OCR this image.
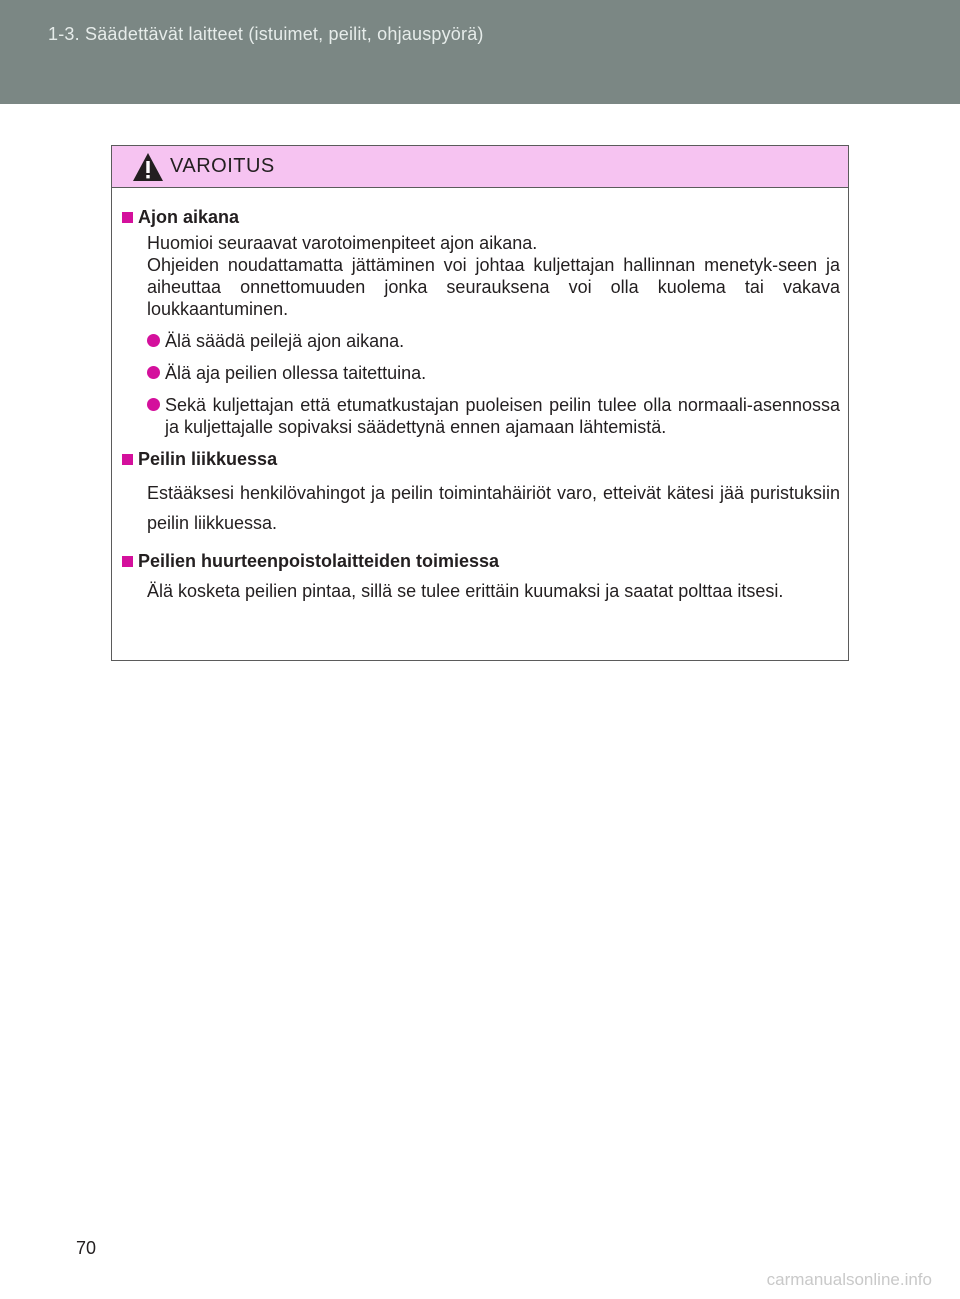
1-3. Säädettävät laitteet (istuimet, peilit, ohjauspyörä)
VAROITUS
Ajon aikana

Huomioi seuraavat varotoimenpiteet ajon aikana.

Ohjeiden noudattamatta jättäminen voi johtaa kuljettajan hallinnan menetyk-seen ja aiheuttaa onnettomuuden jonka seurauksena voi olla kuolema tai vakava loukkaantuminen.

Älä säädä peilejä ajon aikana.
Älä aja peilien ollessa taitettuina.
Sekä kuljettajan että etumatkustajan puoleisen peilin tulee olla normaali-asennossa ja kuljettajalle sopivaksi säädettynä ennen ajamaan lähtemistä.
Peilin liikkuessa

Estääksesi henkilövahingot ja peilin toimintahäiriöt varo, etteivät kätesi jää puristuksiin peilin liikkuessa.

Peilien huurteenpoistolaitteiden toimiessa

Älä kosketa peilien pintaa, sillä se tulee erittäin kuumaksi ja saatat polttaa itsesi.

70
carmanualsonline.info
